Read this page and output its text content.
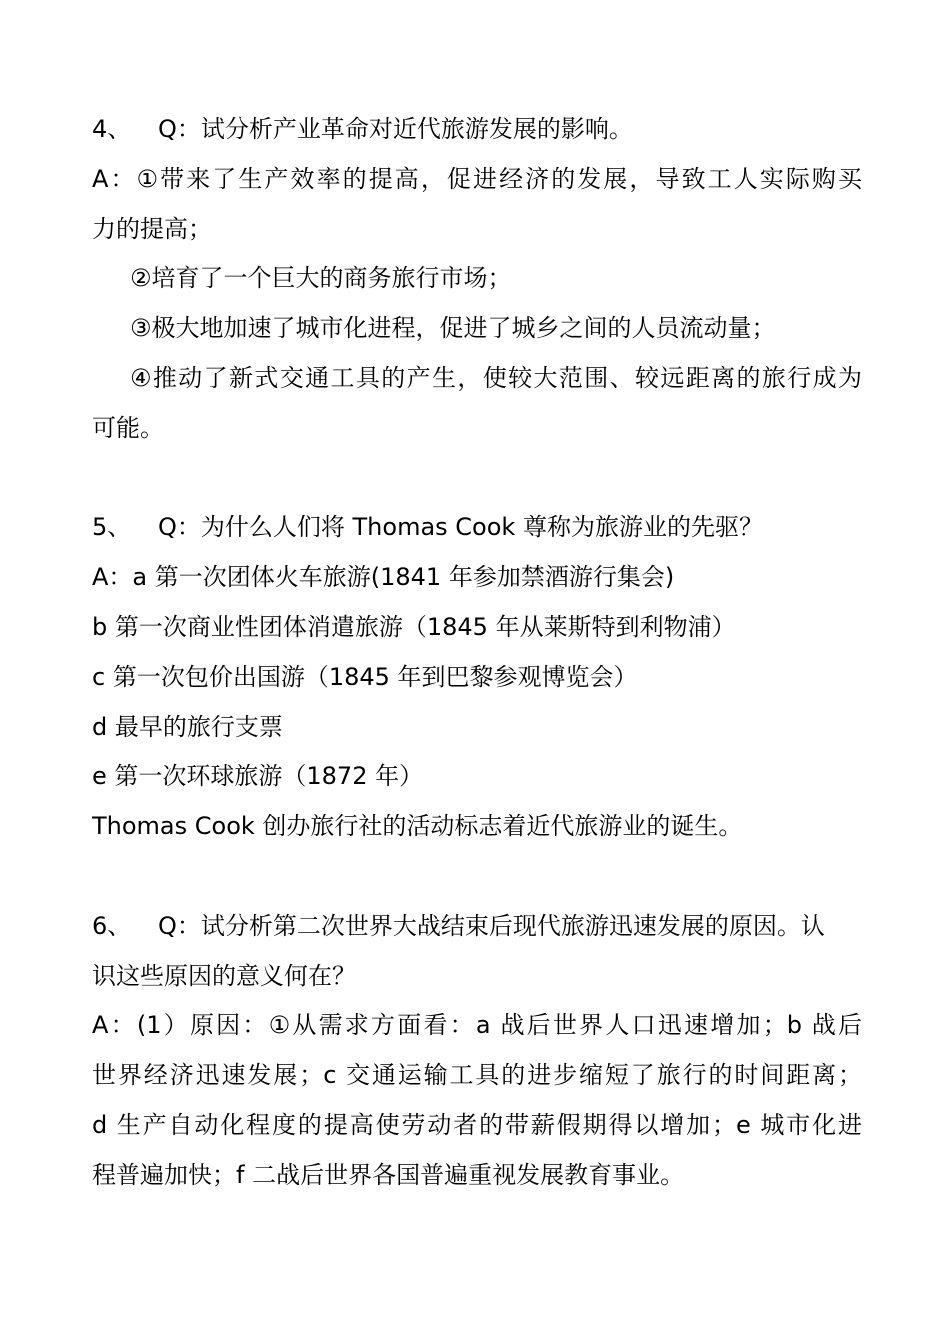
4、 Q：试分析产业革命对近代旅游发展的影响。
A：①带来了生产效率的提高，促进经济的发展，导致工人实际购买
力的提高；
②培育了一个巨大的商务旅行市场；
③极大地加速了城市化进程，促进了城乡之间的人员流动量；
④推动了新式交通工具的产生，使较大范围、较远距离的旅行成为
可能。
5、 Q：为什么人们将 Thomas Cook 尊称为旅游业的先驱？
A：a 第一次团体火车旅游(1841 年参加禁酒游行集会)
b 第一次商业性团体消遣旅游（1845 年从莱斯特到利物浦）
c 第一次包价出国游（1845 年到巴黎参观博览会）
d 最早的旅行支票
e 第一次环球旅游（1872 年）
Thomas Cook 创办旅行社的活动标志着近代旅游业的诞生。
6、 Q：试分析第二次世界大战结束后现代旅游迅速发展的原因。认
识这些原因的意义何在？
A：(1）原因：①从需求方面看：a 战后世界人口迅速增加；b 战后
世界经济迅速发展；c 交通运输工具的进步缩短了旅行的时间距离；
d 生产自动化程度的提高使劳动者的带薪假期得以增加；e 城市化进
程普遍加快；f 二战后世界各国普遍重视发展教育事业。
